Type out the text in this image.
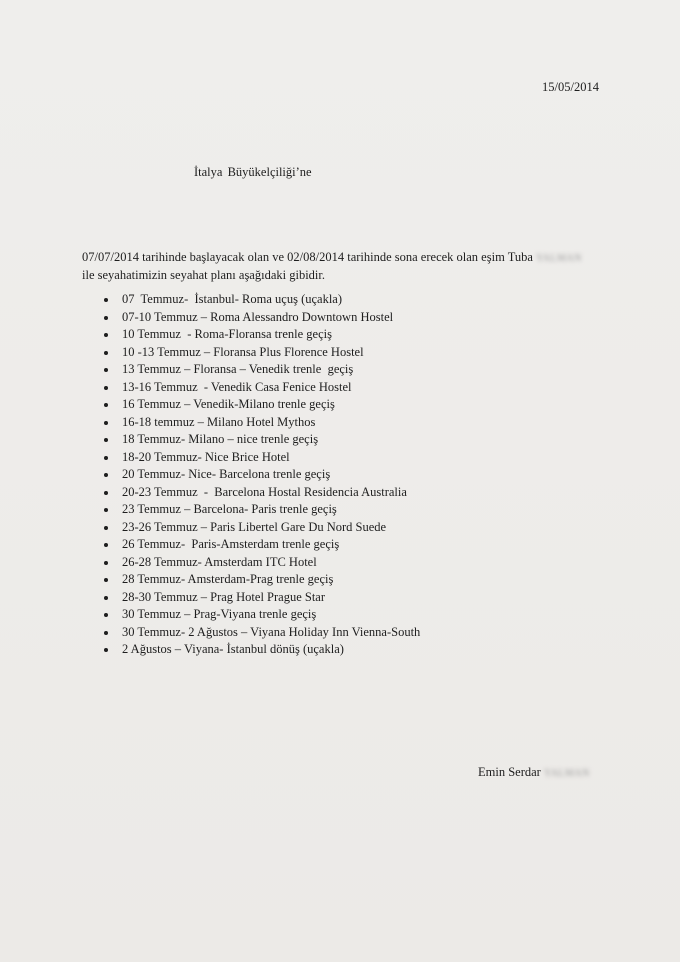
15/05/2014
İtalya Büyükelçiliği’ne
07/07/2014 tarihinde başlayacak olan ve 02/08/2014 tarihinde sona erecek olan eşim Tuba YALMAN
ile seyahatimizin seyahat planı aşağıdaki gibidir.
07  Temmuz-  İstanbul- Roma uçuş (uçakla)
07-10 Temmuz – Roma Alessandro Downtown Hostel
10 Temmuz  - Roma-Floransa trenle geçiş
10 -13 Temmuz – Floransa Plus Florence Hostel
13 Temmuz – Floransa – Venedik trenle  geçiş
13-16 Temmuz  - Venedik Casa Fenice Hostel
16 Temmuz – Venedik-Milano trenle geçiş
16-18 temmuz – Milano Hotel Mythos
18 Temmuz- Milano – nice trenle geçiş
18-20 Temmuz- Nice Brice Hotel
20 Temmuz- Nice- Barcelona trenle geçiş
20-23 Temmuz  -  Barcelona Hostal Residencia Australia
23 Temmuz – Barcelona- Paris trenle geçiş
23-26 Temmuz – Paris Libertel Gare Du Nord Suede
26 Temmuz-  Paris-Amsterdam trenle geçiş
26-28 Temmuz- Amsterdam ITC Hotel
28 Temmuz- Amsterdam-Prag trenle geçiş
28-30 Temmuz – Prag Hotel Prague Star
30 Temmuz – Prag-Viyana trenle geçiş
30 Temmuz- 2 Ağustos – Viyana Holiday Inn Vienna-South
2 Ağustos – Viyana- İstanbul dönüş (uçakla)
Emin Serdar YALMAN
